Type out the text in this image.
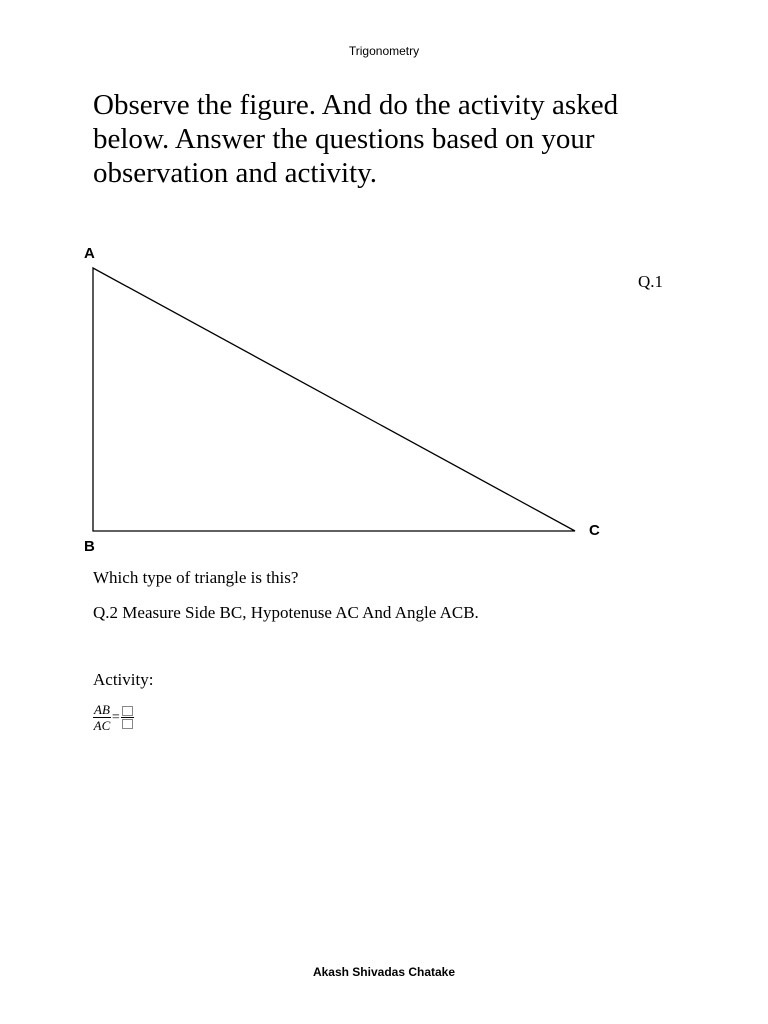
Trigonometry
Observe the figure. And do the activity asked below. Answer the questions based on your observation and activity.
A
B
C
Q.1
Which type of triangle is this?
Q.2 Measure Side BC, Hypotenuse AC And Angle ACB.
Activity:
$\frac{AB}{AC}$ =
Akash Shivadas Chatake
